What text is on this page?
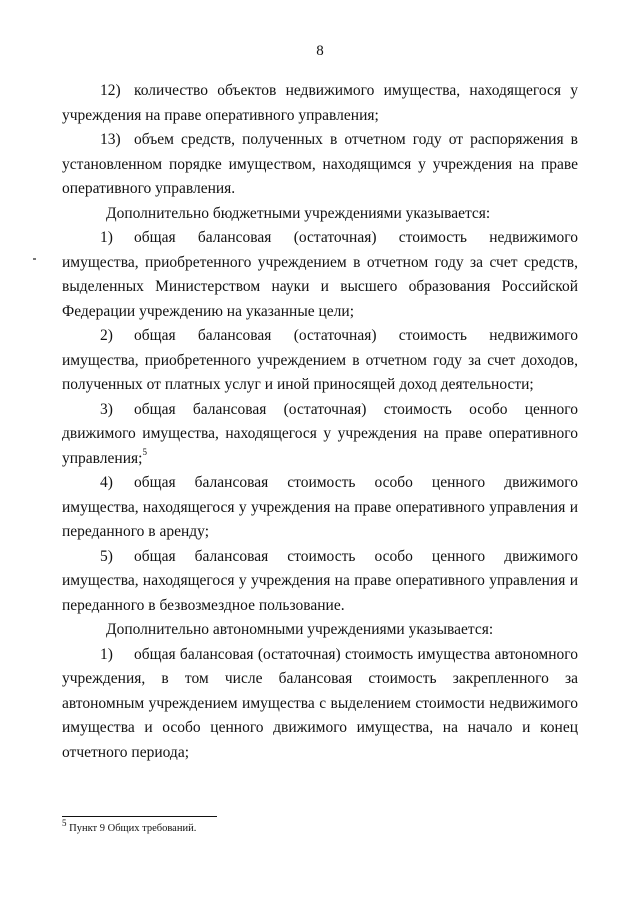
8

12) количество объектов недвижимого имущества, находящегося у учреждения на праве оперативного управления;

13) объем средств, полученных в отчетном году от распоряжения в установленном порядке имуществом, находящимся у учреждения на праве оперативного управления.

Дополнительно бюджетными учреждениями указывается:

1) общая балансовая (остаточная) стоимость недвижимого имущества, приобретенного учреждением в отчетном году за счет средств, выделенных Министерством науки и высшего образования Российской Федерации учреждению на указанные цели;

2) общая балансовая (остаточная) стоимость недвижимого имущества, приобретенного учреждением в отчетном году за счет доходов, полученных от платных услуг и иной приносящей доход деятельности;

3) общая балансовая (остаточная) стоимость особо ценного движимого имущества, находящегося у учреждения на праве оперативного управления;$^5$

4) общая балансовая стоимость особо ценного движимого имущества, находящегося у учреждения на праве оперативного управления и переданного в аренду;

5) общая балансовая стоимость особо ценного движимого имущества, находящегося у учреждения на праве оперативного управления и переданного в безвозмездное пользование.

Дополнительно автономными учреждениями указывается:

1) общая балансовая (остаточная) стоимость имущества автономного учреждения, в том числе балансовая стоимость закрепленного за автономным учреждением имущества с выделением стоимости недвижимого имущества и особо ценного движимого имущества, на начало и конец отчетного периода;

$^5$ Пункт 9 Общих требований.
